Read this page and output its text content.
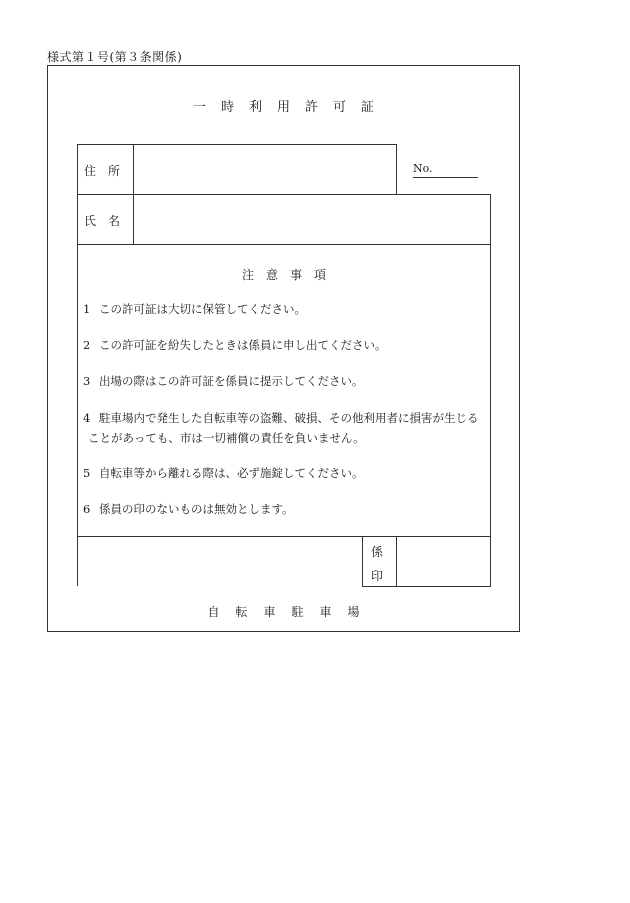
様式第１号(第３条関係)
一時利用許可証
住　所	No.
氏　名
注意事項
1 この許可証は大切に保管してください。
2 この許可証を紛失したときは係員に申し出てください。
3 出場の際はこの許可証を係員に提示してください。
4 駐車場内で発生した自転車等の盗難、破損、その他利用者に損害が生じる
ことがあっても、市は一切補償の責任を負いません。
5 自転車等から離れる際は、必ず施錠してください。
6 係員の印のないものは無効とします。
係
印
自転車駐車場
